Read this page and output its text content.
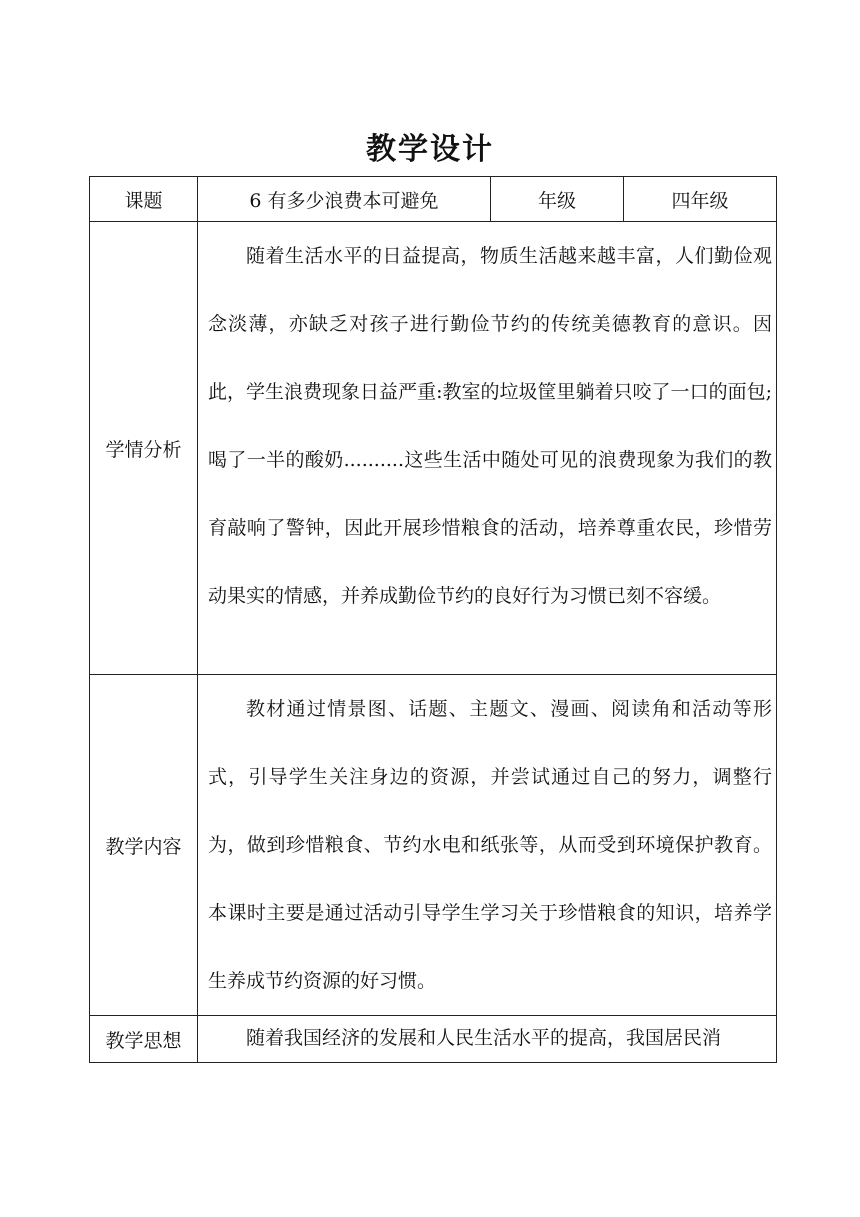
教学设计
课题	6 有多少浪费本可避免	年级	四年级
学情分析	随着生活水平的日益提高，物质生活越来越丰富，人们勤俭观念淡薄，亦缺乏对孩子进行勤俭节约的传统美德教育的意识。因此，学生浪费现象日益严重:教室的垃圾筐里躺着只咬了一口的面包;喝了一半的酸奶..........这些生活中随处可见的浪费现象为我们的教育敲响了警钟，因此开展珍惜粮食的活动，培养尊重农民，珍惜劳动果实的情感，并养成勤俭节约的良好行为习惯已刻不容缓。		

教学内容	教材通过情景图、话题、主题文、漫画、阅读角和活动等形式，引导学生关注身边的资源，并尝试通过自己的努力，调整行为，做到珍惜粮食、节约水电和纸张等，从而受到环境保护教育。本课时主要是通过活动引导学生学习关于珍惜粮食的知识，培养学生养成节约资源的好习惯。		

教学思想	随着我国经济的发展和人民生活水平的提高，我国居民消		
